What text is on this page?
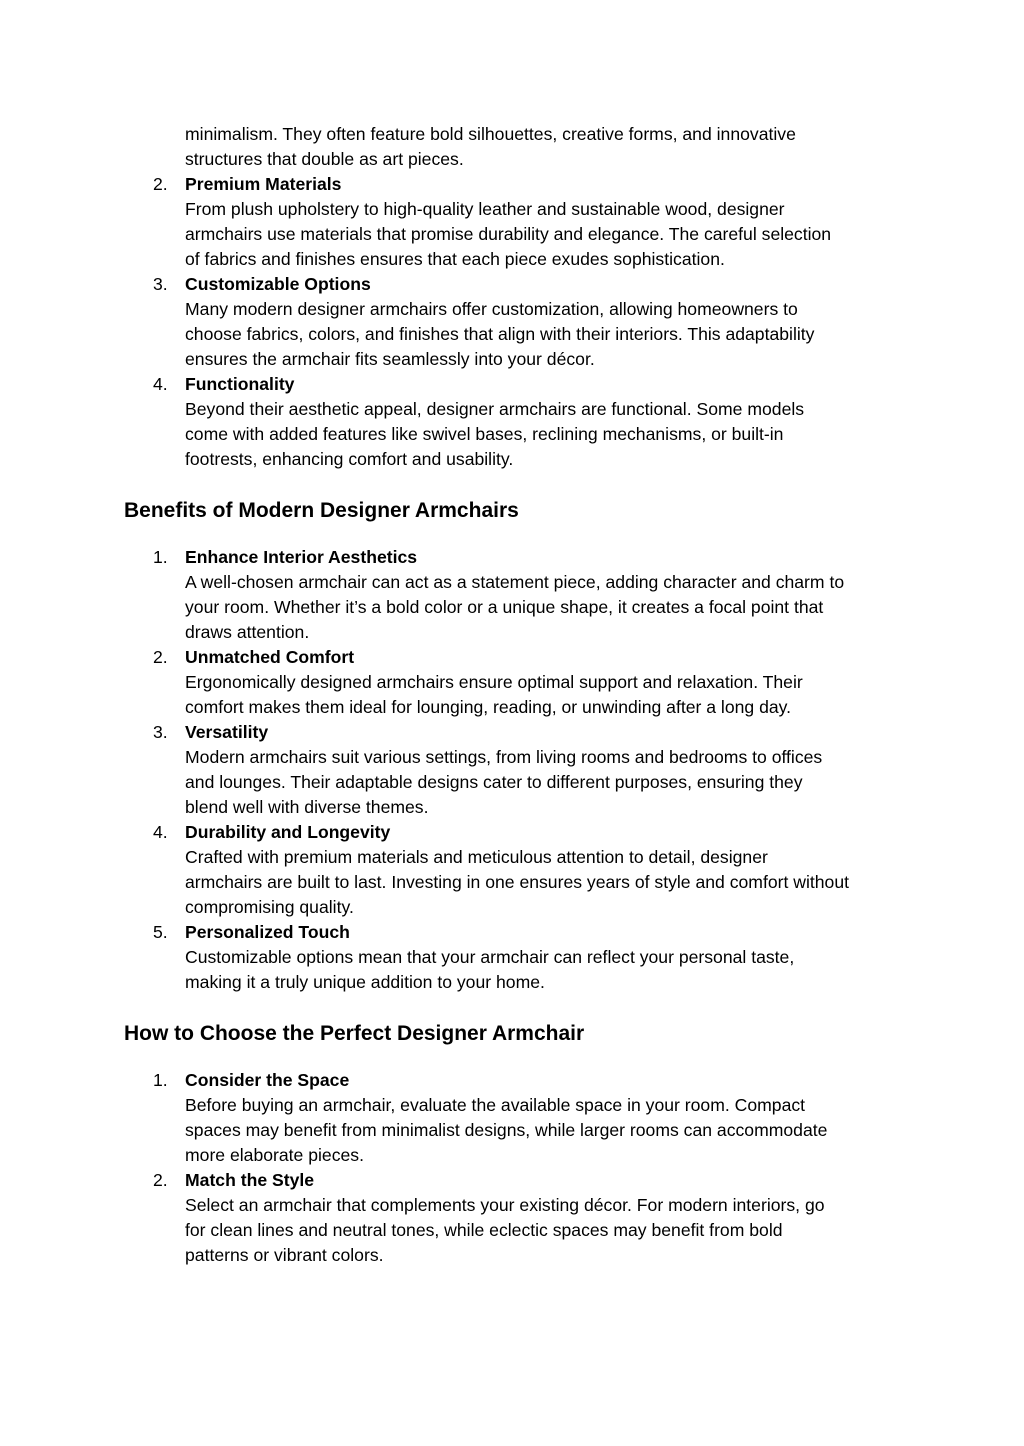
minimalism. They often feature bold silhouettes, creative forms, and innovative
structures that double as art pieces.
2. Premium Materials
From plush upholstery to high-quality leather and sustainable wood, designer
armchairs use materials that promise durability and elegance. The careful selection
of fabrics and finishes ensures that each piece exudes sophistication.
3. Customizable Options
Many modern designer armchairs offer customization, allowing homeowners to
choose fabrics, colors, and finishes that align with their interiors. This adaptability
ensures the armchair fits seamlessly into your décor.
4. Functionality
Beyond their aesthetic appeal, designer armchairs are functional. Some models
come with added features like swivel bases, reclining mechanisms, or built-in
footrests, enhancing comfort and usability.
Benefits of Modern Designer Armchairs
1. Enhance Interior Aesthetics
A well-chosen armchair can act as a statement piece, adding character and charm to
your room. Whether it’s a bold color or a unique shape, it creates a focal point that
draws attention.
2. Unmatched Comfort
Ergonomically designed armchairs ensure optimal support and relaxation. Their
comfort makes them ideal for lounging, reading, or unwinding after a long day.
3. Versatility
Modern armchairs suit various settings, from living rooms and bedrooms to offices
and lounges. Their adaptable designs cater to different purposes, ensuring they
blend well with diverse themes.
4. Durability and Longevity
Crafted with premium materials and meticulous attention to detail, designer
armchairs are built to last. Investing in one ensures years of style and comfort without
compromising quality.
5. Personalized Touch
Customizable options mean that your armchair can reflect your personal taste,
making it a truly unique addition to your home.
How to Choose the Perfect Designer Armchair
1. Consider the Space
Before buying an armchair, evaluate the available space in your room. Compact
spaces may benefit from minimalist designs, while larger rooms can accommodate
more elaborate pieces.
2. Match the Style
Select an armchair that complements your existing décor. For modern interiors, go
for clean lines and neutral tones, while eclectic spaces may benefit from bold
patterns or vibrant colors.
